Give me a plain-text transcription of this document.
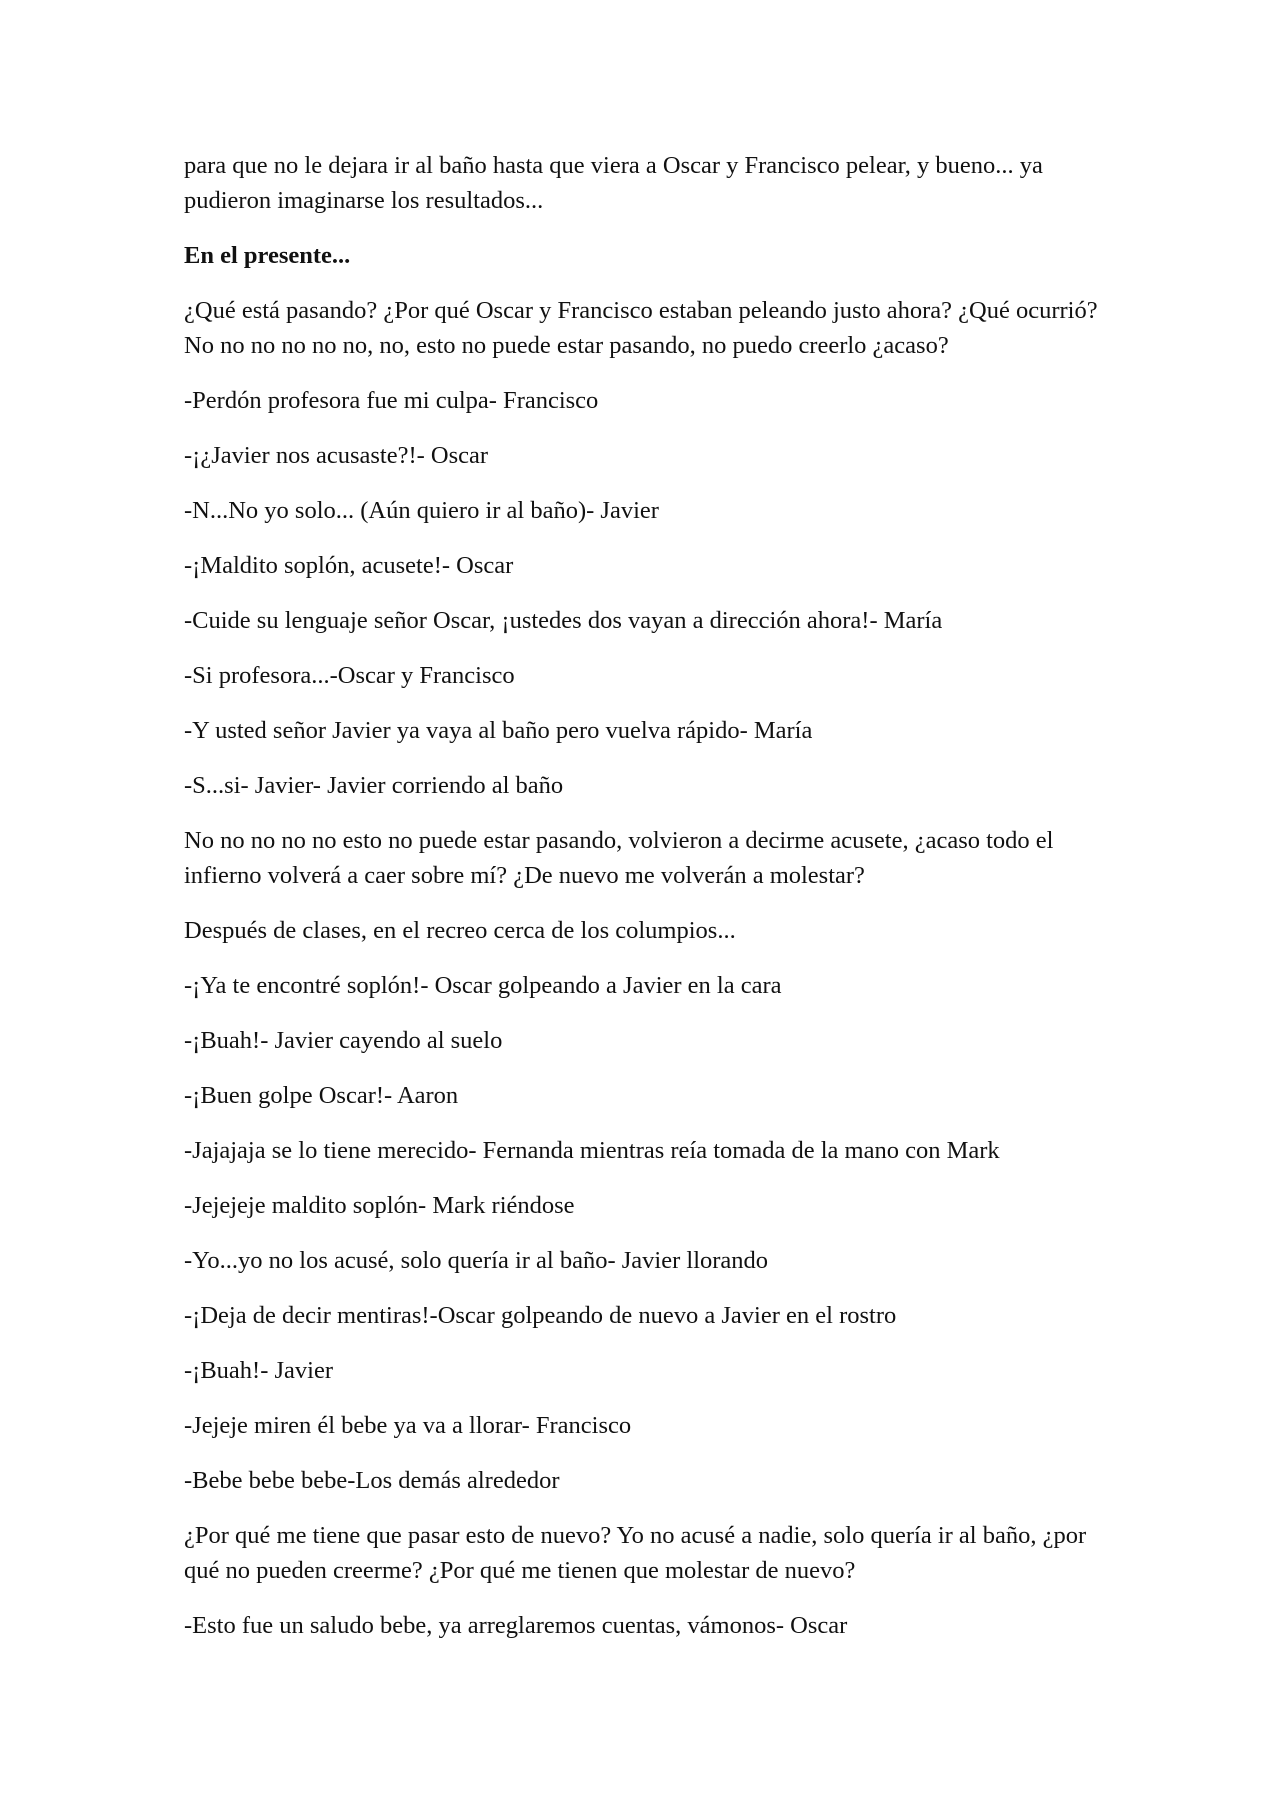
para que no le dejara ir al baño hasta que viera a Oscar y Francisco pelear, y bueno... ya pudieron imaginarse los resultados...

En el presente...

¿Qué está pasando? ¿Por qué Oscar y Francisco estaban peleando justo ahora? ¿Qué ocurrió? No no no no no no, no, esto no puede estar pasando, no puedo creerlo ¿acaso?

-Perdón profesora fue mi culpa- Francisco

-¡¿Javier nos acusaste?!- Oscar

-N...No yo solo... (Aún quiero ir al baño)- Javier

-¡Maldito soplón, acusete!- Oscar

-Cuide su lenguaje señor Oscar, ¡ustedes dos vayan a dirección ahora!- María

-Si profesora...-Oscar y Francisco

-Y usted señor Javier ya vaya al baño pero vuelva rápido- María

-S...si- Javier- Javier corriendo al baño

No no no no no esto no puede estar pasando, volvieron a decirme acusete, ¿acaso todo el infierno volverá a caer sobre mí? ¿De nuevo me volverán a molestar?

Después de clases, en el recreo cerca de los columpios...

-¡Ya te encontré soplón!- Oscar golpeando a Javier en la cara

-¡Buah!- Javier cayendo al suelo

-¡Buen golpe Oscar!- Aaron

-Jajajaja se lo tiene merecido- Fernanda mientras reía tomada de la mano con Mark

-Jejejeje maldito soplón- Mark riéndose

-Yo...yo no los acusé, solo quería ir al baño- Javier llorando

-¡Deja de decir mentiras!-Oscar golpeando de nuevo a Javier en el rostro

-¡Buah!- Javier

-Jejeje miren él bebe ya va a llorar- Francisco

-Bebe bebe bebe-Los demás alrededor

¿Por qué me tiene que pasar esto de nuevo? Yo no acusé a nadie, solo quería ir al baño, ¿por qué no pueden creerme? ¿Por qué me tienen que molestar de nuevo?

-Esto fue un saludo bebe, ya arreglaremos cuentas, vámonos- Oscar
